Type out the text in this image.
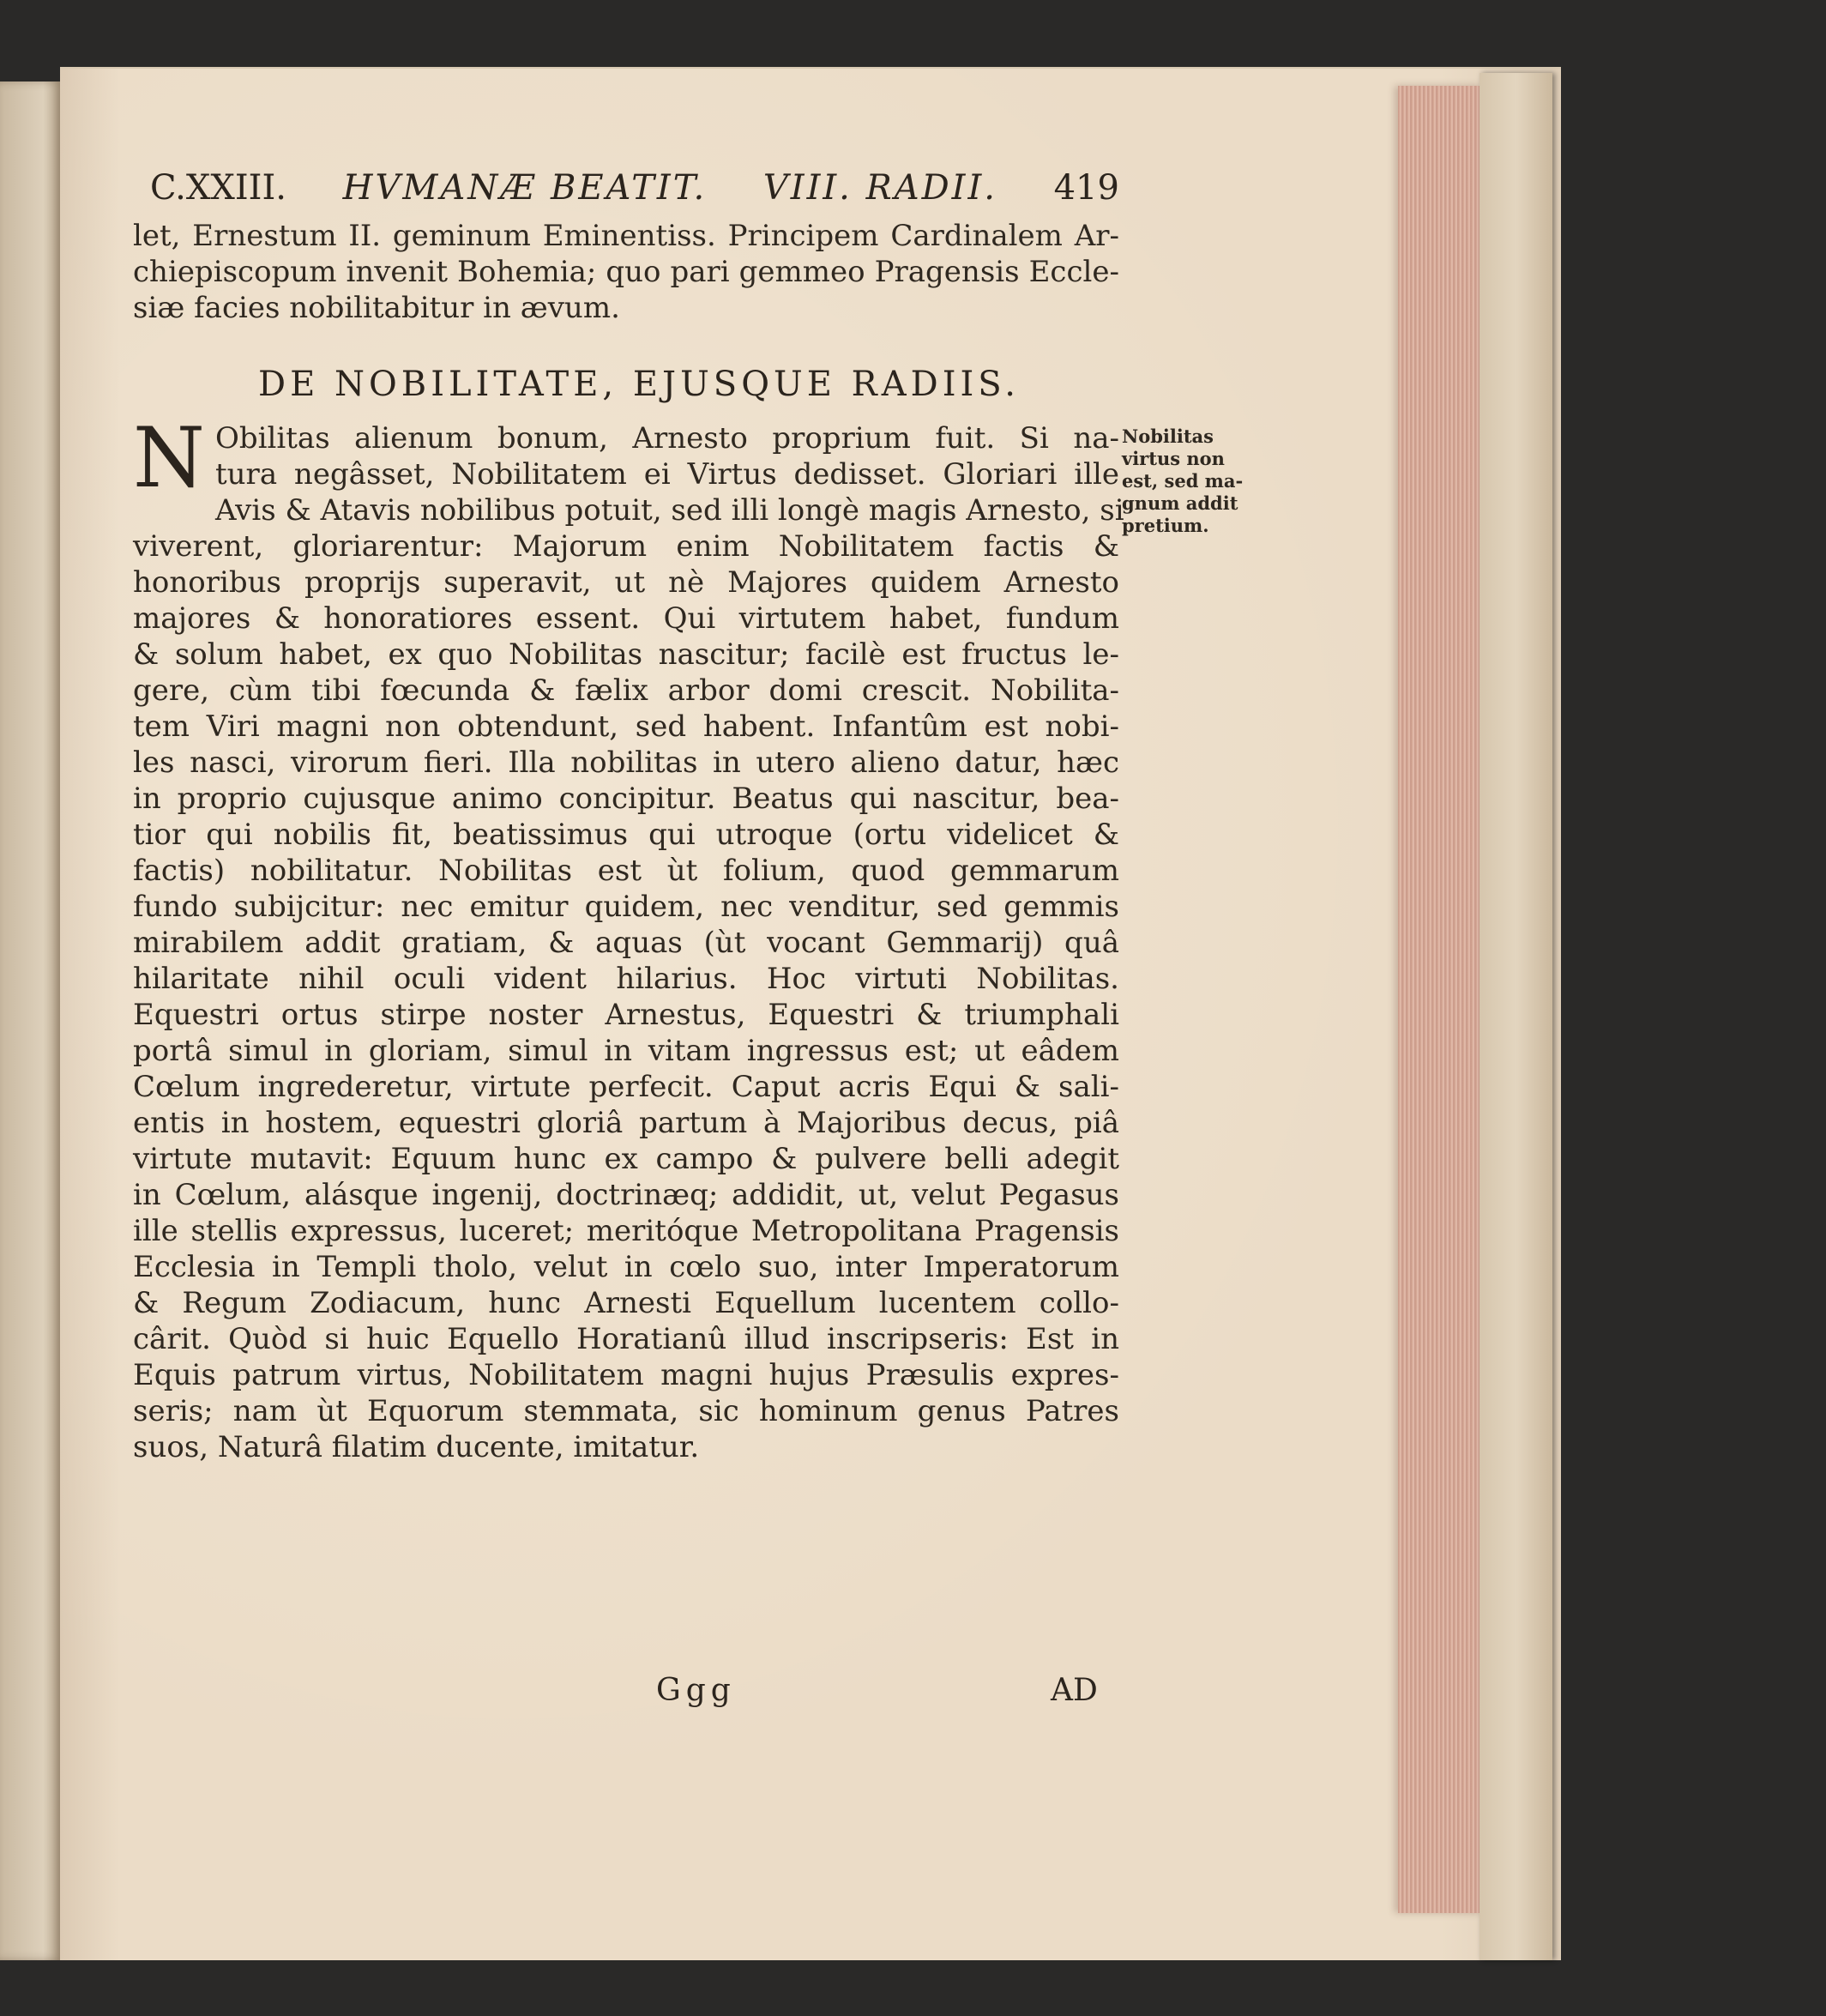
C.XXIII. HVMANÆ BEATIT. VIII. RADII. 419
let, Ernestum II. geminum Eminentiss. Principem Cardinalem Ar-
chiepiscopum invenit Bohemia; quo pari gemmeo Pragensis Eccle-
siæ facies nobilitabitur in ævum.
DE NOBILITATE, EJUSQUE RADIIS.
N Obilitas alienum bonum, Arnesto proprium fuit. Si na-
tura negâsset, Nobilitatem ei Virtus dedisset. Gloriari ille
Avis & Atavis nobilibus potuit, sed illi longè magis Arnesto, si
viverent, gloriarentur: Majorum enim Nobilitatem factis &
honoribus proprijs superavit, ut nè Majores quidem Arnesto
majores & honoratiores essent. Qui virtutem habet, fundum
& solum habet, ex quo Nobilitas nascitur; facilè est fructus le-
gere, cùm tibi fœcunda & fælix arbor domi crescit. Nobilita-
tem Viri magni non obtendunt, sed habent. Infantûm est nobi-
les nasci, virorum fieri. Illa nobilitas in utero alieno datur, hæc
in proprio cujusque animo concipitur. Beatus qui nascitur, bea-
tior qui nobilis fit, beatissimus qui utroque (ortu videlicet &
factis) nobilitatur. Nobilitas est ùt folium, quod gemmarum
fundo subijcitur: nec emitur quidem, nec venditur, sed gemmis
mirabilem addit gratiam, & aquas (ùt vocant Gemmarij) quâ
hilaritate nihil oculi vident hilarius. Hoc virtuti Nobilitas.
Equestri ortus stirpe noster Arnestus, Equestri & triumphali
portâ simul in gloriam, simul in vitam ingressus est; ut eâdem
Cœlum ingrederetur, virtute perfecit. Caput acris Equi & sali-
entis in hostem, equestri gloriâ partum à Majoribus decus, piâ
virtute mutavit: Equum hunc ex campo & pulvere belli adegit
in Cœlum, alásque ingenij, doctrinæq; addidit, ut, velut Pegasus
ille stellis expressus, luceret; meritóque Metropolitana Pragensis
Ecclesia in Templi tholo, velut in cœlo suo, inter Imperatorum
& Regum Zodiacum, hunc Arnesti Equellum lucentem collo-
cârit. Quòd si huic Equello Horatianû illud inscripseris: Est in
Equis patrum virtus, Nobilitatem magni hujus Præsulis expres-
seris; nam ùt Equorum stemmata, sic hominum genus Patres
suos, Naturâ filatim ducente, imitatur.
Nobilitas
virtus non
est, sed ma-
gnum addit
pretium.
Ggg	AD
